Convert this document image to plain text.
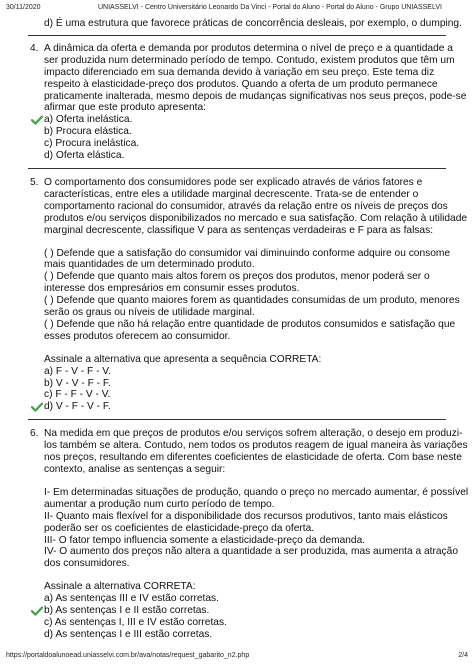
30/11/2020	UNIASSELVI - Centro Universitário Leonardo Da Vinci - Portal do Aluno - Portal do Aluno - Grupo UNIASSELVI
d) É uma estrutura que favorece práticas de concorrência desleais, por exemplo, o dumping.
4. A dinâmica da oferta e demanda por produtos determina o nível de preço e a quantidade a
ser produzida num determinado período de tempo. Contudo, existem produtos que têm um
impacto diferenciado em sua demanda devido à variação em seu preço. Este tema diz
respeito à elasticidade-preço dos produtos. Quando a oferta de um produto permanece
praticamente inalterada, mesmo depois de mudanças significativas nos seus preços, pode-se
afirmar que este produto apresenta:
a) Oferta inelástica.
b) Procura elástica.
c) Procura inelástica.
d) Oferta elástica.
5. O comportamento dos consumidores pode ser explicado através de vários fatores e
características, entre eles a utilidade marginal decrescente. Trata-se de entender o
comportamento racional do consumidor, através da relação entre os níveis de preços dos
produtos e/ou serviços disponibilizados no mercado e sua satisfação. Com relação à utilidade
marginal decrescente, classifique V para as sentenças verdadeiras e F para as falsas:
( ) Defende que a satisfação do consumidor vai diminuindo conforme adquire ou consome
mais quantidades de um determinado produto.
( ) Defende que quanto mais altos forem os preços dos produtos, menor poderá ser o
interesse dos empresários em consumir esses produtos.
( ) Defende que quanto maiores forem as quantidades consumidas de um produto, menores
serão os graus ou níveis de utilidade marginal.
( ) Defende que não há relação entre quantidade de produtos consumidos e satisfação que
esses produtos oferecem ao consumidor.
Assinale a alternativa que apresenta a sequência CORRETA:
a) F - V - F - V.
b) V - V - F - F.
c) F - F - V - V.
d) V - F - V - F.
6. Na medida em que preços de produtos e/ou serviços sofrem alteração, o desejo em produzi-
los também se altera. Contudo, nem todos os produtos reagem de igual maneira às variações
nos preços, resultando em diferentes coeficientes de elasticidade de oferta. Com base neste
contexto, analise as sentenças a seguir:
I- Em determinadas situações de produção, quando o preço no mercado aumentar, é possível
aumentar a produção num curto período de tempo.
II- Quanto mais flexível for a disponibilidade dos recursos produtivos, tanto mais elásticos
poderão ser os coeficientes de elasticidade-preço da oferta.
III- O fator tempo influencia somente a elasticidade-preço da demanda.
IV- O aumento dos preços não altera a quantidade a ser produzida, mas aumenta a atração
dos consumidores.
Assinale a alternativa CORRETA:
a) As sentenças III e IV estão corretas.
b) As sentenças I e II estão corretas.
c) As sentenças I, III e IV estão corretas.
d) As sentenças I e III estão corretas.
https://portaldoalunoead.uniasselvi.com.br/ava/notas/request_gabarito_n2.php	2/4
